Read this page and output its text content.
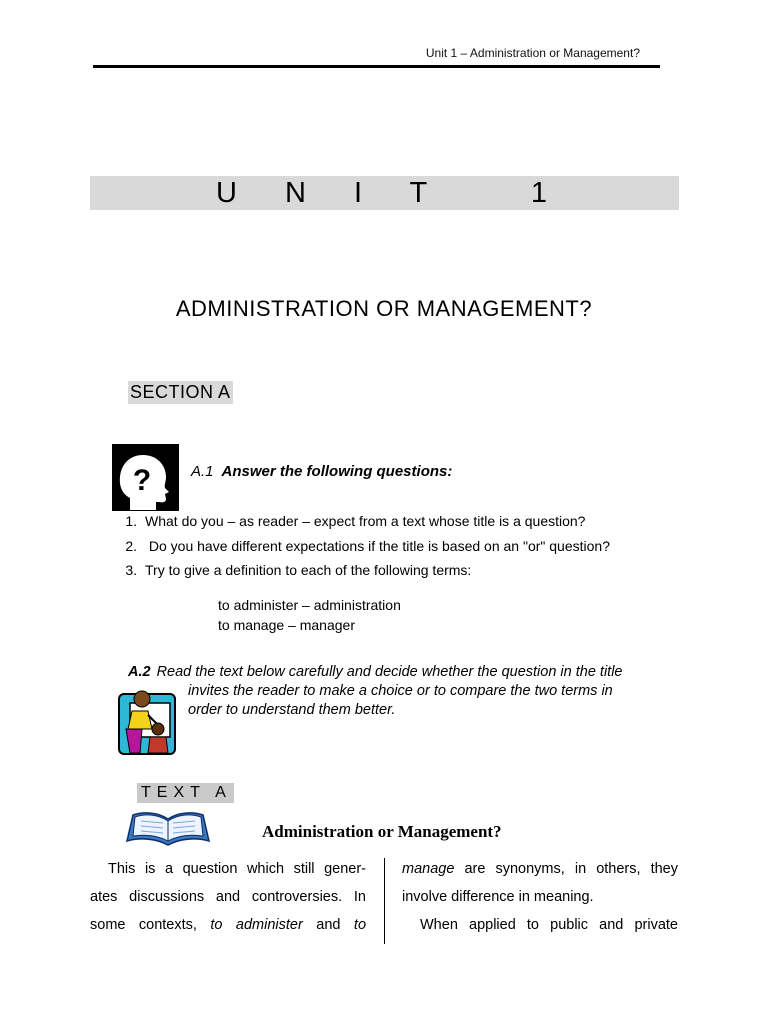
Unit 1 – Administration or Management?
U N I T   1
ADMINISTRATION OR MANAGEMENT?
SECTION A
?	A.1 Answer the following questions:
1. What do you – as reader – expect from a text whose title is a question?
2. Do you have different expectations if the title is based on an "or" question?
3. Try to give a definition to each of the following terms:
to administer – administration
to manage – manager
A.2 Read the text below carefully and decide whether the question in the title
invites the reader to make a choice or to compare the two terms in
order to understand them better.
TEXT A
Administration or Management?

This is a question which still gener-

ates discussions and controversies. In

some contexts, to administer and to

manage are synonyms, in others, they

involve difference in meaning.

When applied to public and private
